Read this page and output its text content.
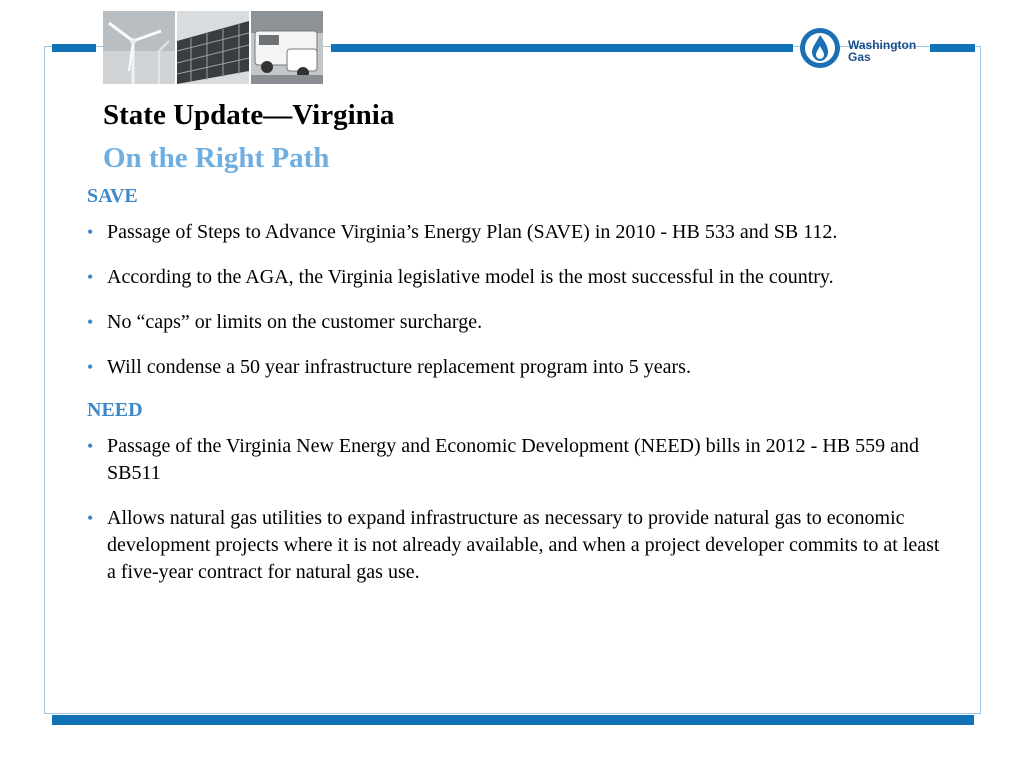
Washington
Gas
State Update—Virginia
On the Right Path
SAVE
• Passage of Steps to Advance Virginia’s Energy Plan (SAVE) in 2010 - HB 533 and SB 112.
• According to the AGA, the Virginia legislative model is the most successful in the country.
• No “caps” or limits on the customer surcharge.
• Will condense a 50 year infrastructure replacement program into 5 years.
NEED
• Passage of the Virginia New Energy and Economic Development (NEED) bills in 2012 - HB 559 and SB511
• Allows natural gas utilities to expand infrastructure as necessary to provide natural gas to economic development projects where it is not already available, and when a project developer commits to at least a five-year contract for natural gas use.
